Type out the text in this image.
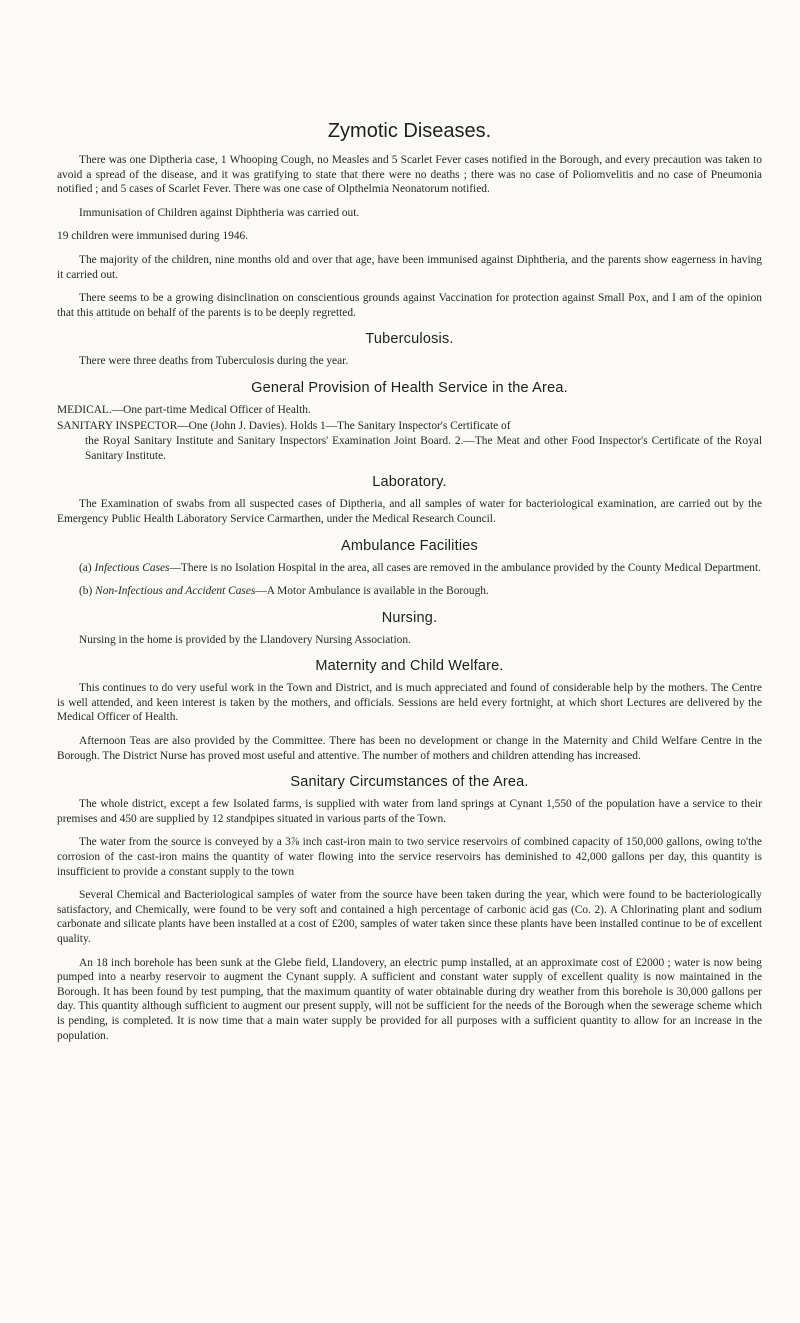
Zymotic Diseases.

There was one Diptheria case, 1 Whooping Cough, no Measles and 5 Scarlet Fever cases notified in the Borough, and every precaution was taken to avoid a spread of the disease, and it was gratifying to state that there were no deaths ; there was no case of Poliomvelitis and no case of Pneumonia notified ; and 5 cases of Scarlet Fever. There was one case of Olpthelmia Neonatorum notified.

Immunisation of Children against Diphtheria was carried out.

19 children were immunised during 1946.

The majority of the children, nine months old and over that age, have been immunised against Diphtheria, and the parents show eagerness in having it carried out.

There seems to be a growing disinclination on conscientious grounds against Vaccination for protection against Small Pox, and I am of the opinion that this attitude on behalf of the parents is to be deeply regretted.

Tuberculosis.

There were three deaths from Tuberculosis during the year.

General Provision of Health Service in the Area.

MEDICAL.—One part-time Medical Officer of Health.

SANITARY INSPECTOR—One (John J. Davies). Holds 1—The Sanitary Inspector's Certificate of

the Royal Sanitary Institute and Sanitary Inspectors' Examination Joint Board. 2.—The Meat and other Food Inspector's Certificate of the Royal Sanitary Institute.

Laboratory.

The Examination of swabs from all suspected cases of Diptheria, and all samples of water for bacteriological examination, are carried out by the Emergency Public Health Laboratory Service Carmarthen, under the Medical Research Council.

Ambulance Facilities

(a) Infectious Cases—There is no Isolation Hospital in the area, all cases are removed in the ambulance provided by the County Medical Department.

(b) Non-Infectious and Accident Cases—A Motor Ambulance is available in the Borough.

Nursing.

Nursing in the home is provided by the Llandovery Nursing Association.

Maternity and Child Welfare.

This continues to do very useful work in the Town and District, and is much appreciated and found of considerable help by the mothers. The Centre is well attended, and keen interest is taken by the mothers, and officials. Sessions are held every fortnight, at which short Lectures are delivered by the Medical Officer of Health.

Afternoon Teas are also provided by the Committee. There has been no development or change in the Maternity and Child Welfare Centre in the Borough. The District Nurse has proved most useful and attentive. The number of mothers and children attending has increased.

Sanitary Circumstances of the Area.

The whole district, except a few Isolated farms, is supplied with water from land springs at Cynant 1,550 of the population have a service to their premises and 450 are supplied by 12 standpipes situated in various parts of the Town.

The water from the source is conveyed by a 3⅞ inch cast-iron main to two service reservoirs of combined capacity of 150,000 gallons, owing to'the corrosion of the cast-iron mains the quantity of water flowing into the service reservoirs has deminished to 42,000 gallons per day, this quantity is insufficient to provide a constant supply to the town

Several Chemical and Bacteriological samples of water from the source have been taken during the year, which were found to be bacteriologically satisfactory, and Chemically, were found to be very soft and contained a high percentage of carbonic acid gas (Co. 2). A Chlorinating plant and sodium carbonate and silicate plants have been installed at a cost of £200, samples of water taken since these plants have been installed continue to be of excellent quality.

An 18 inch borehole has been sunk at the Glebe field, Llandovery, an electric pump installed, at an approximate cost of £2000 ; water is now being pumped into a nearby reservoir to augment the Cynant supply. A sufficient and constant water supply of excellent quality is now maintained in the Borough. It has been found by test pumping, that the maximum quantity of water obtainable during dry weather from this borehole is 30,000 gallons per day. This quantity although sufficient to augment our present supply, will not be sufficient for the needs of the Borough when the sewerage scheme which is pending, is completed. It is now time that a main water supply be provided for all purposes with a sufficient quantity to allow for an increase in the population.
